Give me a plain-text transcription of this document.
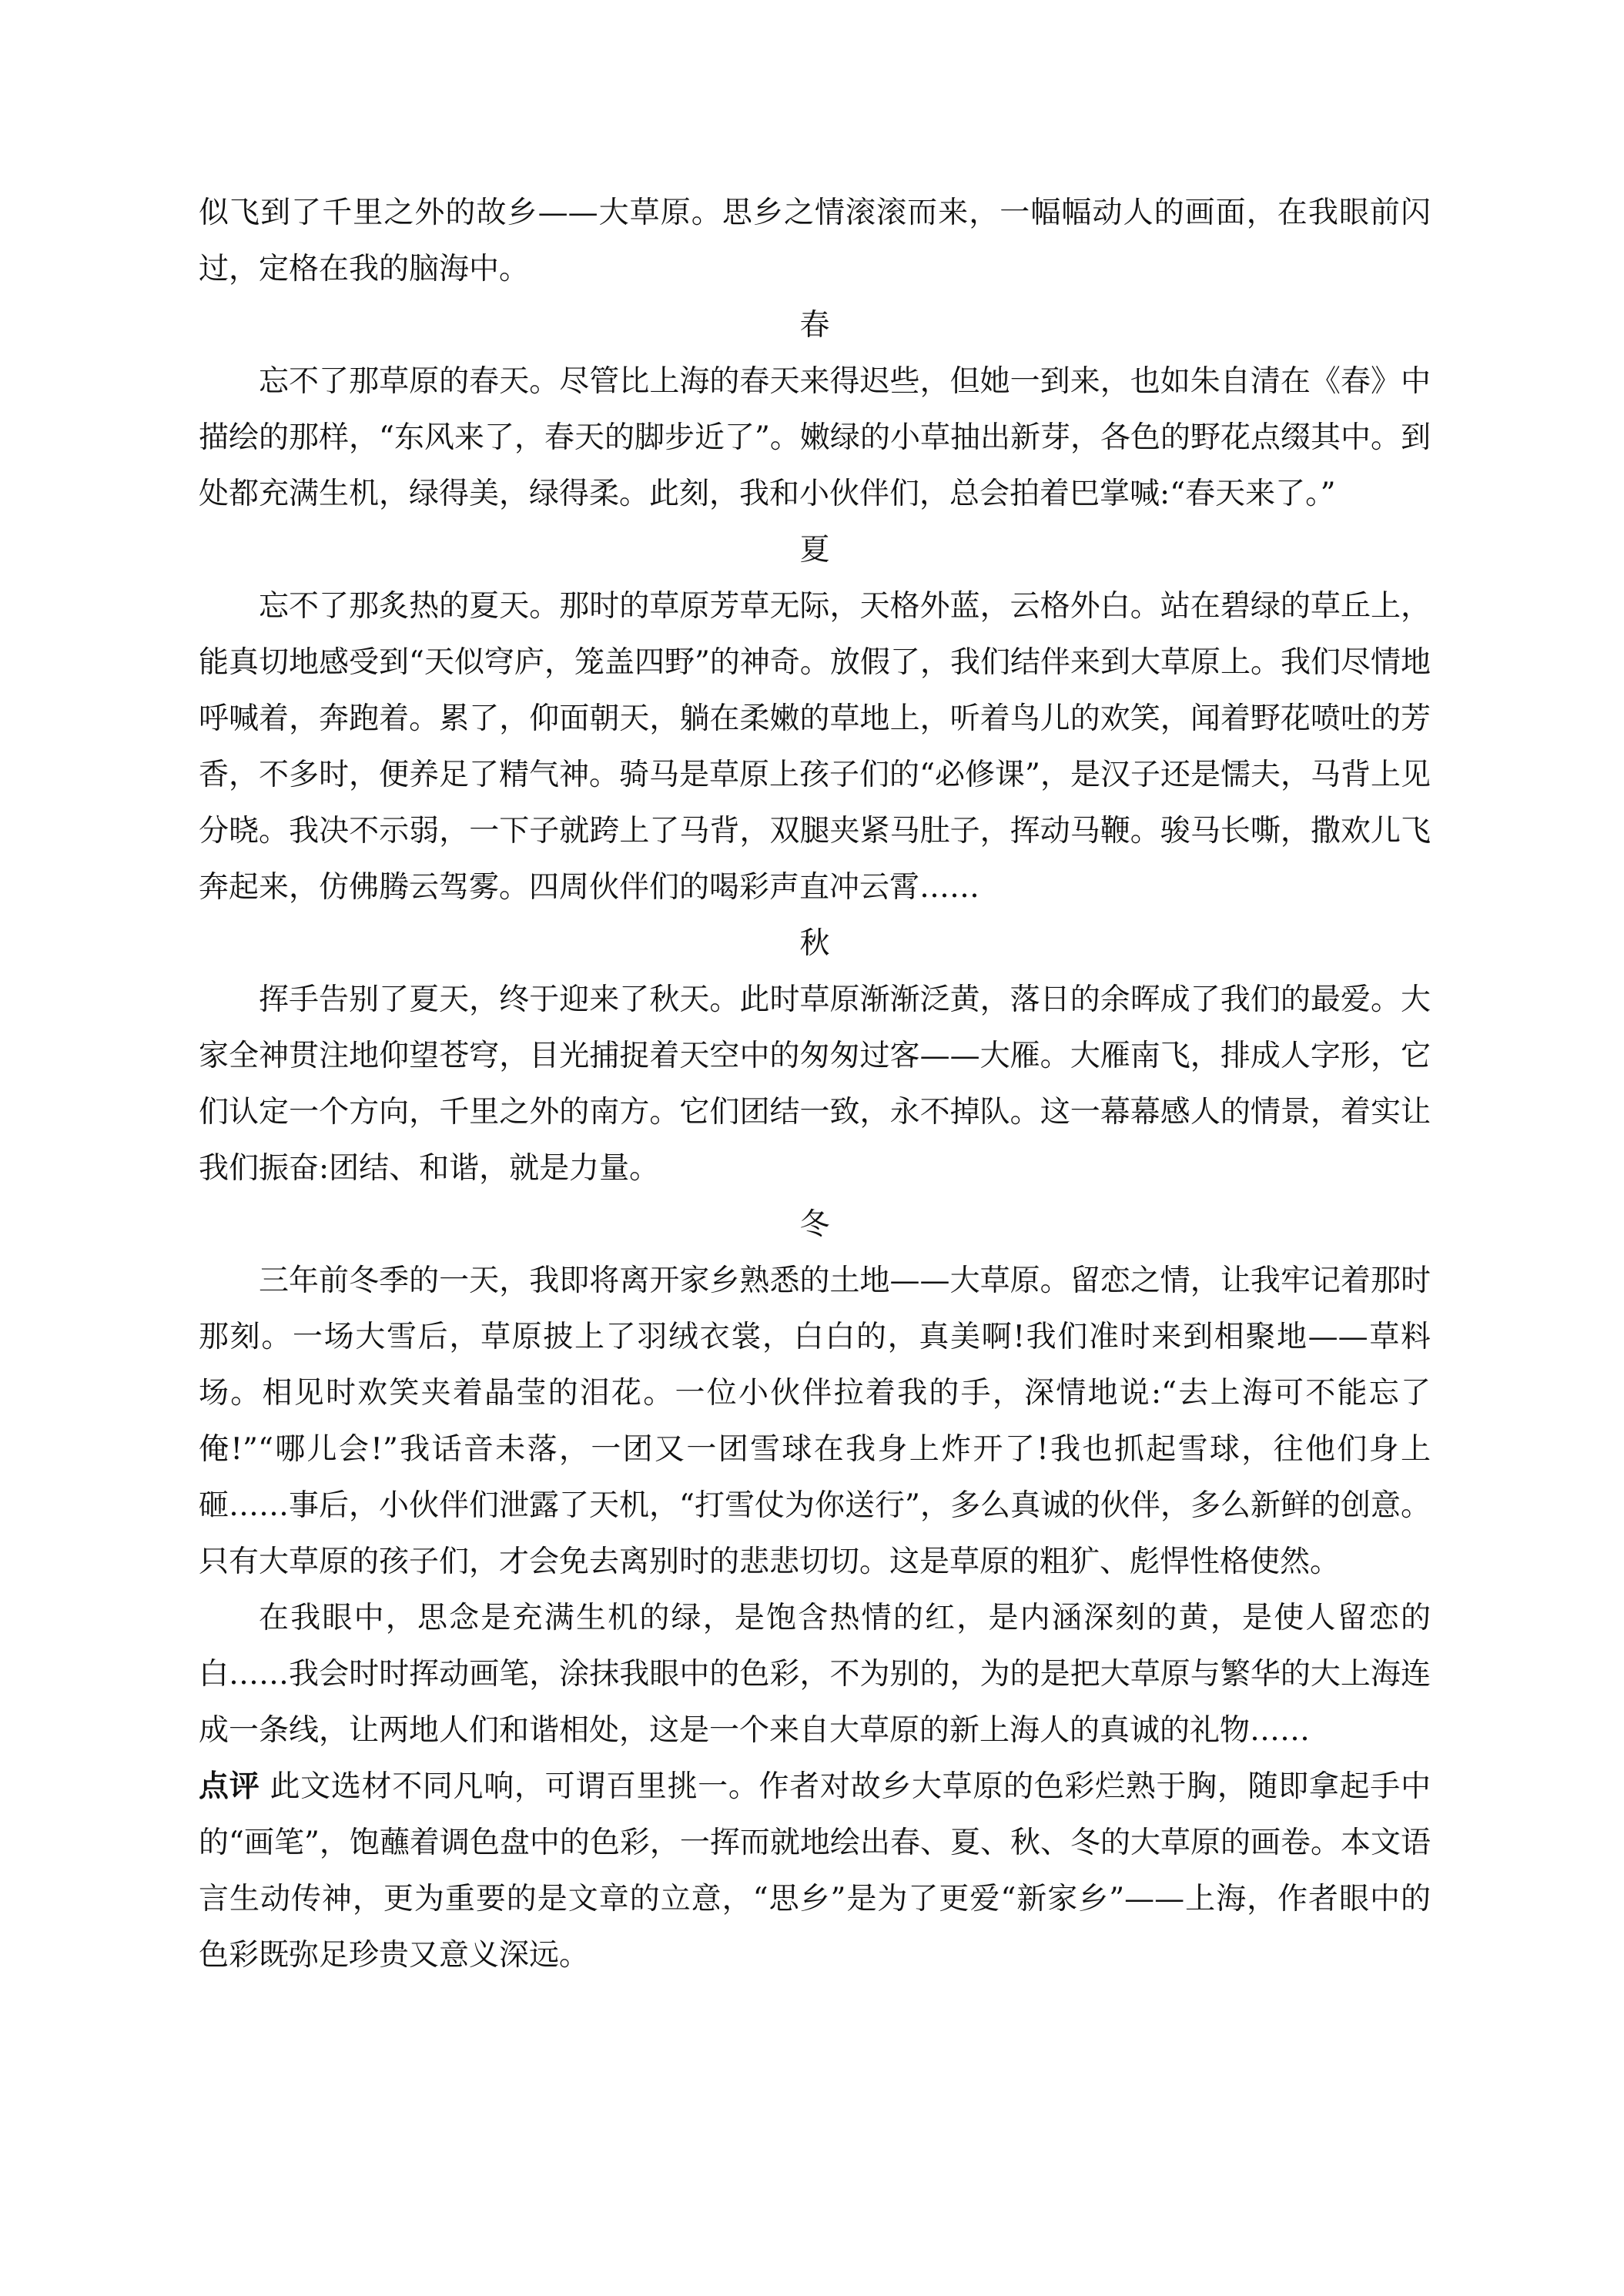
似飞到了千里之外的故乡——大草原。思乡之情滚滚而来，一幅幅动人的画面，在我眼前闪过，定格在我的脑海中。

春

忘不了那草原的春天。尽管比上海的春天来得迟些，但她一到来，也如朱自清在《春》中描绘的那样，“东风来了，春天的脚步近了”。嫩绿的小草抽出新芽，各色的野花点缀其中。到处都充满生机，绿得美，绿得柔。此刻，我和小伙伴们，总会拍着巴掌喊:“春天来了。”

夏

忘不了那炙热的夏天。那时的草原芳草无际，天格外蓝，云格外白。站在碧绿的草丘上，能真切地感受到“天似穹庐，笼盖四野”的神奇。放假了，我们结伴来到大草原上。我们尽情地呼喊着，奔跑着。累了，仰面朝天，躺在柔嫩的草地上，听着鸟儿的欢笑，闻着野花喷吐的芳香，不多时，便养足了精气神。骑马是草原上孩子们的“必修课”，是汉子还是懦夫，马背上见分晓。我决不示弱，一下子就跨上了马背，双腿夹紧马肚子，挥动马鞭。骏马长嘶，撒欢儿飞奔起来，仿佛腾云驾雾。四周伙伴们的喝彩声直冲云霄……

秋

挥手告别了夏天，终于迎来了秋天。此时草原渐渐泛黄，落日的余晖成了我们的最爱。大家全神贯注地仰望苍穹，目光捕捉着天空中的匆匆过客——大雁。大雁南飞，排成人字形，它们认定一个方向，千里之外的南方。它们团结一致，永不掉队。这一幕幕感人的情景，着实让我们振奋:团结、和谐，就是力量。

冬

三年前冬季的一天，我即将离开家乡熟悉的土地——大草原。留恋之情，让我牢记着那时那刻。一场大雪后，草原披上了羽绒衣裳，白白的，真美啊!我们准时来到相聚地——草料场。相见时欢笑夹着晶莹的泪花。一位小伙伴拉着我的手，深情地说:“去上海可不能忘了俺!”“哪儿会!”我话音未落，一团又一团雪球在我身上炸开了!我也抓起雪球，往他们身上砸……事后，小伙伴们泄露了天机，“打雪仗为你送行”，多么真诚的伙伴，多么新鲜的创意。只有大草原的孩子们，才会免去离别时的悲悲切切。这是草原的粗犷、彪悍性格使然。

在我眼中，思念是充满生机的绿，是饱含热情的红，是内涵深刻的黄，是使人留恋的白……我会时时挥动画笔，涂抹我眼中的色彩，不为别的，为的是把大草原与繁华的大上海连成一条线，让两地人们和谐相处，这是一个来自大草原的新上海人的真诚的礼物……

点评 此文选材不同凡响，可谓百里挑一。作者对故乡大草原的色彩烂熟于胸，随即拿起手中的“画笔”，饱蘸着调色盘中的色彩，一挥而就地绘出春、夏、秋、冬的大草原的画卷。本文语言生动传神，更为重要的是文章的立意，“思乡”是为了更爱“新家乡”——上海，作者眼中的色彩既弥足珍贵又意义深远。
